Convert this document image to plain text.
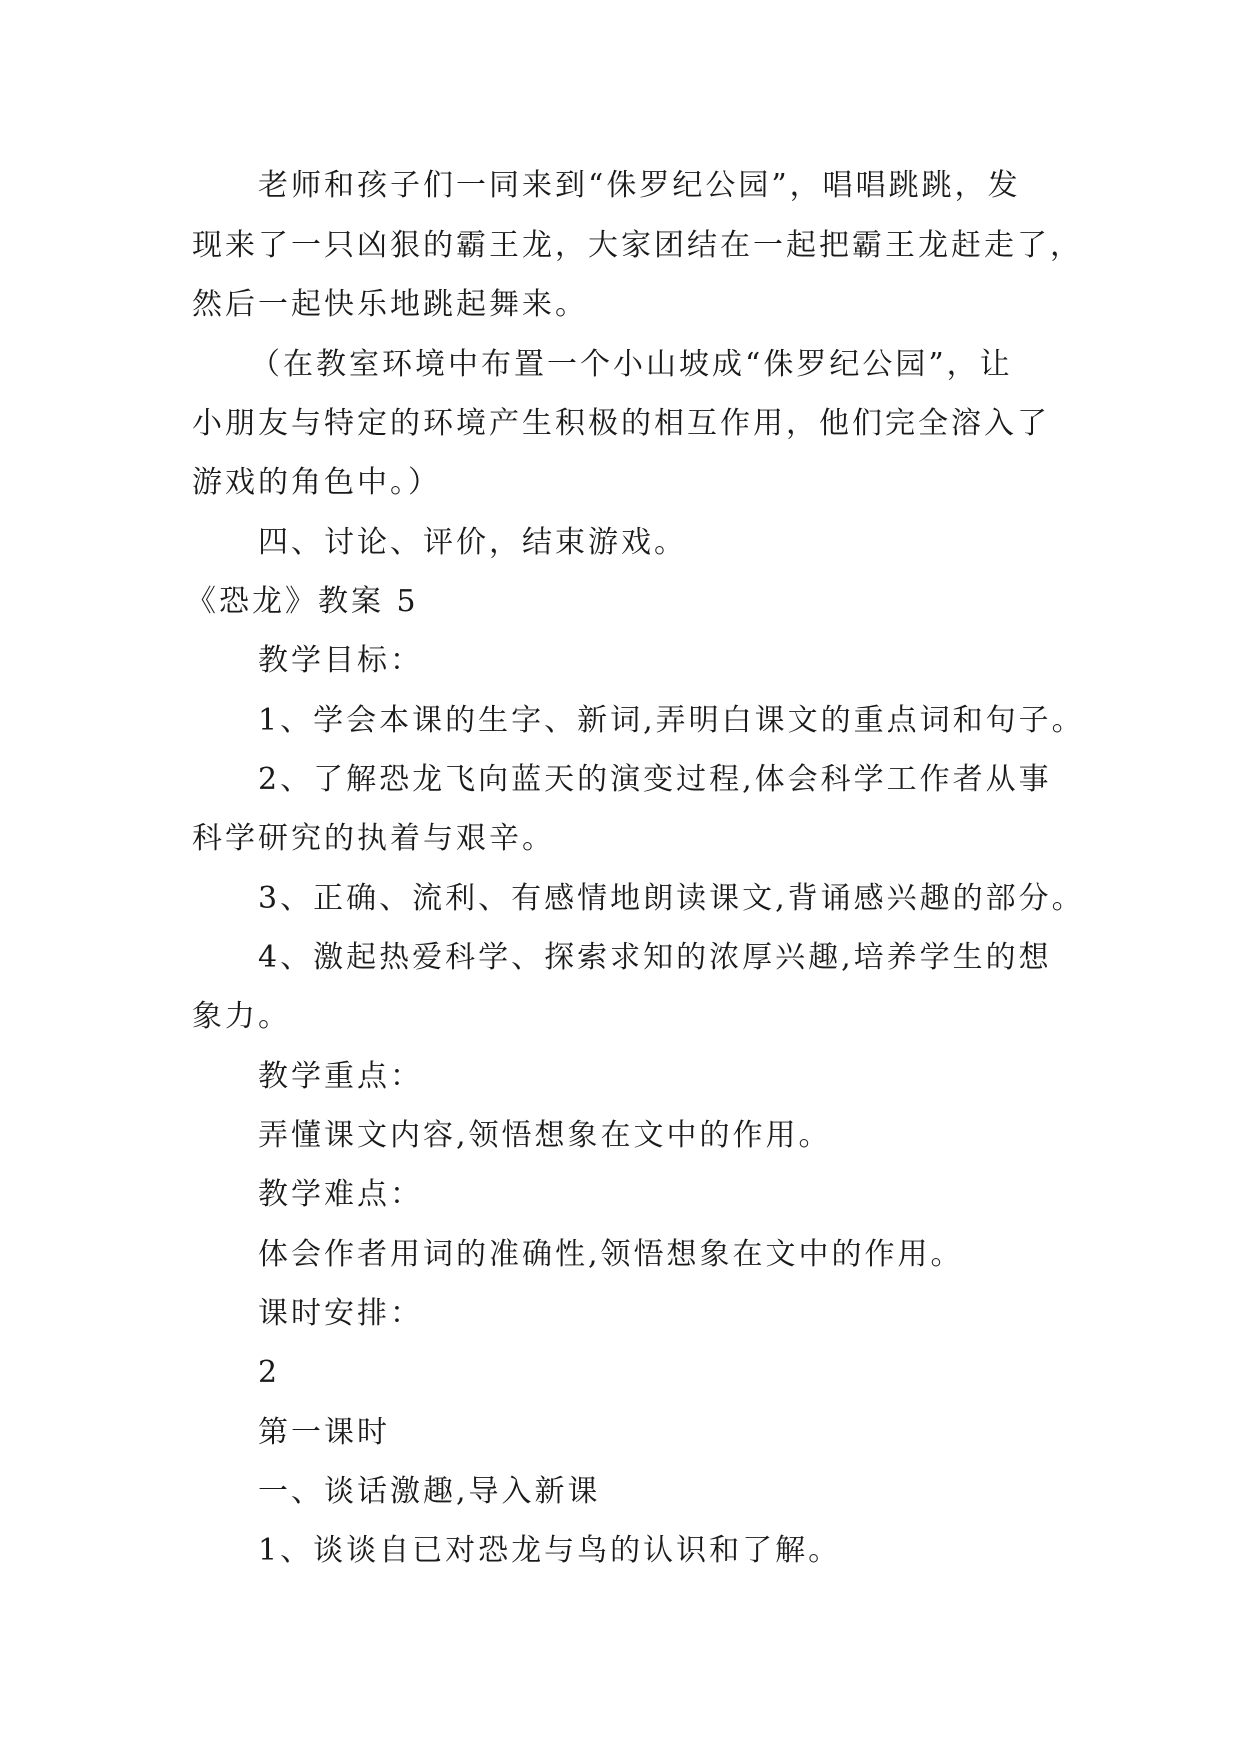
老师和孩子们一同来到“侏罗纪公园”，唱唱跳跳，发
现来了一只凶狠的霸王龙，大家团结在一起把霸王龙赶走了，
然后一起快乐地跳起舞来。
（在教室环境中布置一个小山坡成“侏罗纪公园”，让
小朋友与特定的环境产生积极的相互作用，他们完全溶入了
游戏的角色中。）
四、讨论、评价，结束游戏。
《恐龙》教案 5
教学目标：
1、学会本课的生字、新词,弄明白课文的重点词和句子。
2、了解恐龙飞向蓝天的演变过程,体会科学工作者从事
科学研究的执着与艰辛。
3、正确、流利、有感情地朗读课文,背诵感兴趣的部分。
4、激起热爱科学、探索求知的浓厚兴趣,培养学生的想
象力。
教学重点：
弄懂课文内容,领悟想象在文中的作用。
教学难点：
体会作者用词的准确性,领悟想象在文中的作用。
课时安排：
2
第一课时
一、谈话激趣,导入新课
1、谈谈自已对恐龙与鸟的认识和了解。
